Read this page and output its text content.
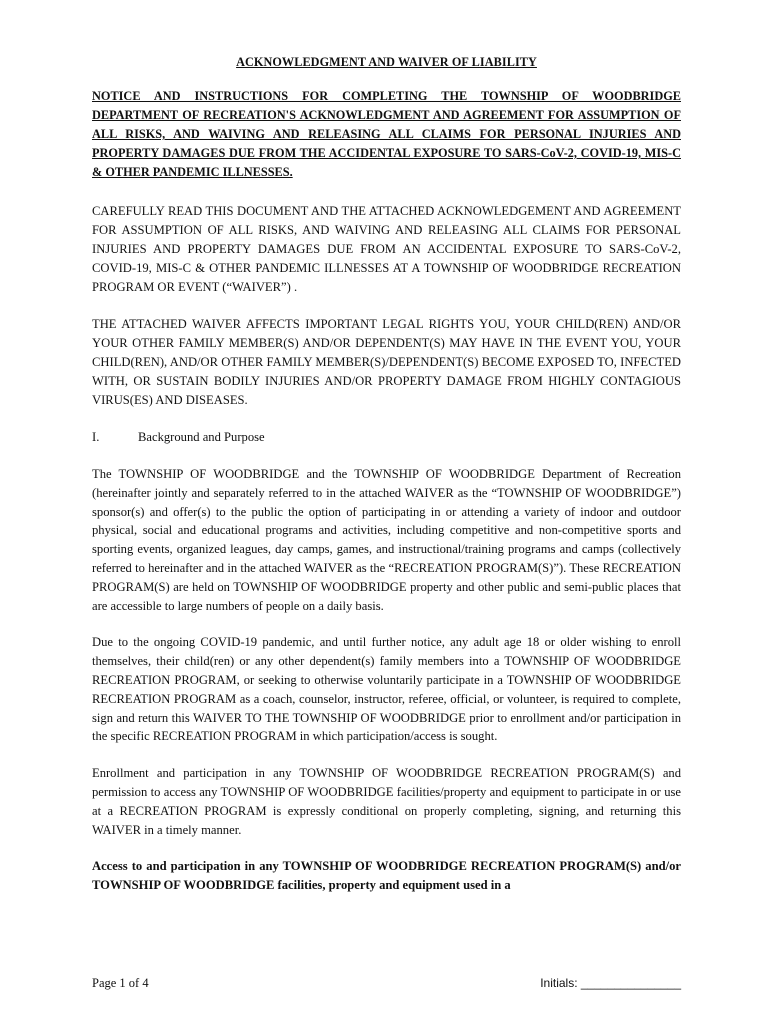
ACKNOWLEDGMENT AND WAIVER OF LIABILITY

NOTICE AND INSTRUCTIONS FOR COMPLETING THE TOWNSHIP OF WOODBRIDGE DEPARTMENT OF RECREATION'S ACKNOWLEDGMENT AND AGREEMENT FOR ASSUMPTION OF ALL RISKS, AND WAIVING AND RELEASING ALL CLAIMS FOR PERSONAL INJURIES AND PROPERTY DAMAGES DUE FROM THE ACCIDENTAL EXPOSURE TO SARS-CoV-2, COVID-19, MIS-C & OTHER PANDEMIC ILLNESSES.

CAREFULLY READ THIS DOCUMENT AND THE ATTACHED ACKNOWLEDGEMENT AND AGREEMENT FOR ASSUMPTION OF ALL RISKS, AND WAIVING AND RELEASING ALL CLAIMS FOR PERSONAL INJURIES AND PROPERTY DAMAGES DUE FROM AN ACCIDENTAL EXPOSURE TO SARS-CoV-2, COVID-19, MIS-C & OTHER PANDEMIC ILLNESSES AT A TOWNSHIP OF WOODBRIDGE RECREATION PROGRAM OR EVENT (“WAIVER”) .

THE ATTACHED WAIVER AFFECTS IMPORTANT LEGAL RIGHTS YOU, YOUR CHILD(REN) AND/OR YOUR OTHER FAMILY MEMBER(S) AND/OR DEPENDENT(S) MAY HAVE IN THE EVENT YOU, YOUR CHILD(REN), AND/OR OTHER FAMILY MEMBER(S)/DEPENDENT(S) BECOME EXPOSED TO, INFECTED WITH, OR SUSTAIN BODILY INJURIES AND/OR PROPERTY DAMAGE FROM HIGHLY CONTAGIOUS VIRUS(ES) AND DISEASES.

I.	Background and Purpose

The TOWNSHIP OF WOODBRIDGE and the TOWNSHIP OF WOODBRIDGE Department of Recreation (hereinafter jointly and separately referred to in the attached WAIVER as the “TOWNSHIP OF WOODBRIDGE”) sponsor(s) and offer(s) to the public the option of participating in or attending a variety of indoor and outdoor physical, social and educational programs and activities, including competitive and non-competitive sports and sporting events, organized leagues, day camps, games, and instructional/training programs and camps (collectively referred to hereinafter and in the attached WAIVER as the “RECREATION PROGRAM(S)”). These RECREATION PROGRAM(S) are held on TOWNSHIP OF WOODBRIDGE property and other public and semi-public places that are accessible to large numbers of people on a daily basis.

Due to the ongoing COVID-19 pandemic, and until further notice, any adult age 18 or older wishing to enroll themselves, their child(ren) or any other dependent(s) family members into a TOWNSHIP OF WOODBRIDGE RECREATION PROGRAM, or seeking to otherwise voluntarily participate in a TOWNSHIP OF WOODBRIDGE RECREATION PROGRAM as a coach, counselor, instructor, referee, official, or volunteer, is required to complete, sign and return this WAIVER TO THE TOWNSHIP OF WOODBRIDGE prior to enrollment and/or participation in the specific RECREATION PROGRAM in which participation/access is sought.

Enrollment and participation in any TOWNSHIP OF WOODBRIDGE RECREATION PROGRAM(S) and permission to access any TOWNSHIP OF WOODBRIDGE facilities/property and equipment to participate in or use at a RECREATION PROGRAM is expressly conditional on properly completing, signing, and returning this WAIVER in a timely manner.

Access to and participation in any TOWNSHIP OF WOODBRIDGE RECREATION PROGRAM(S) and/or TOWNSHIP OF WOODBRIDGE facilities, property and equipment used in a

Page 1 of 4	Initials: _______________
